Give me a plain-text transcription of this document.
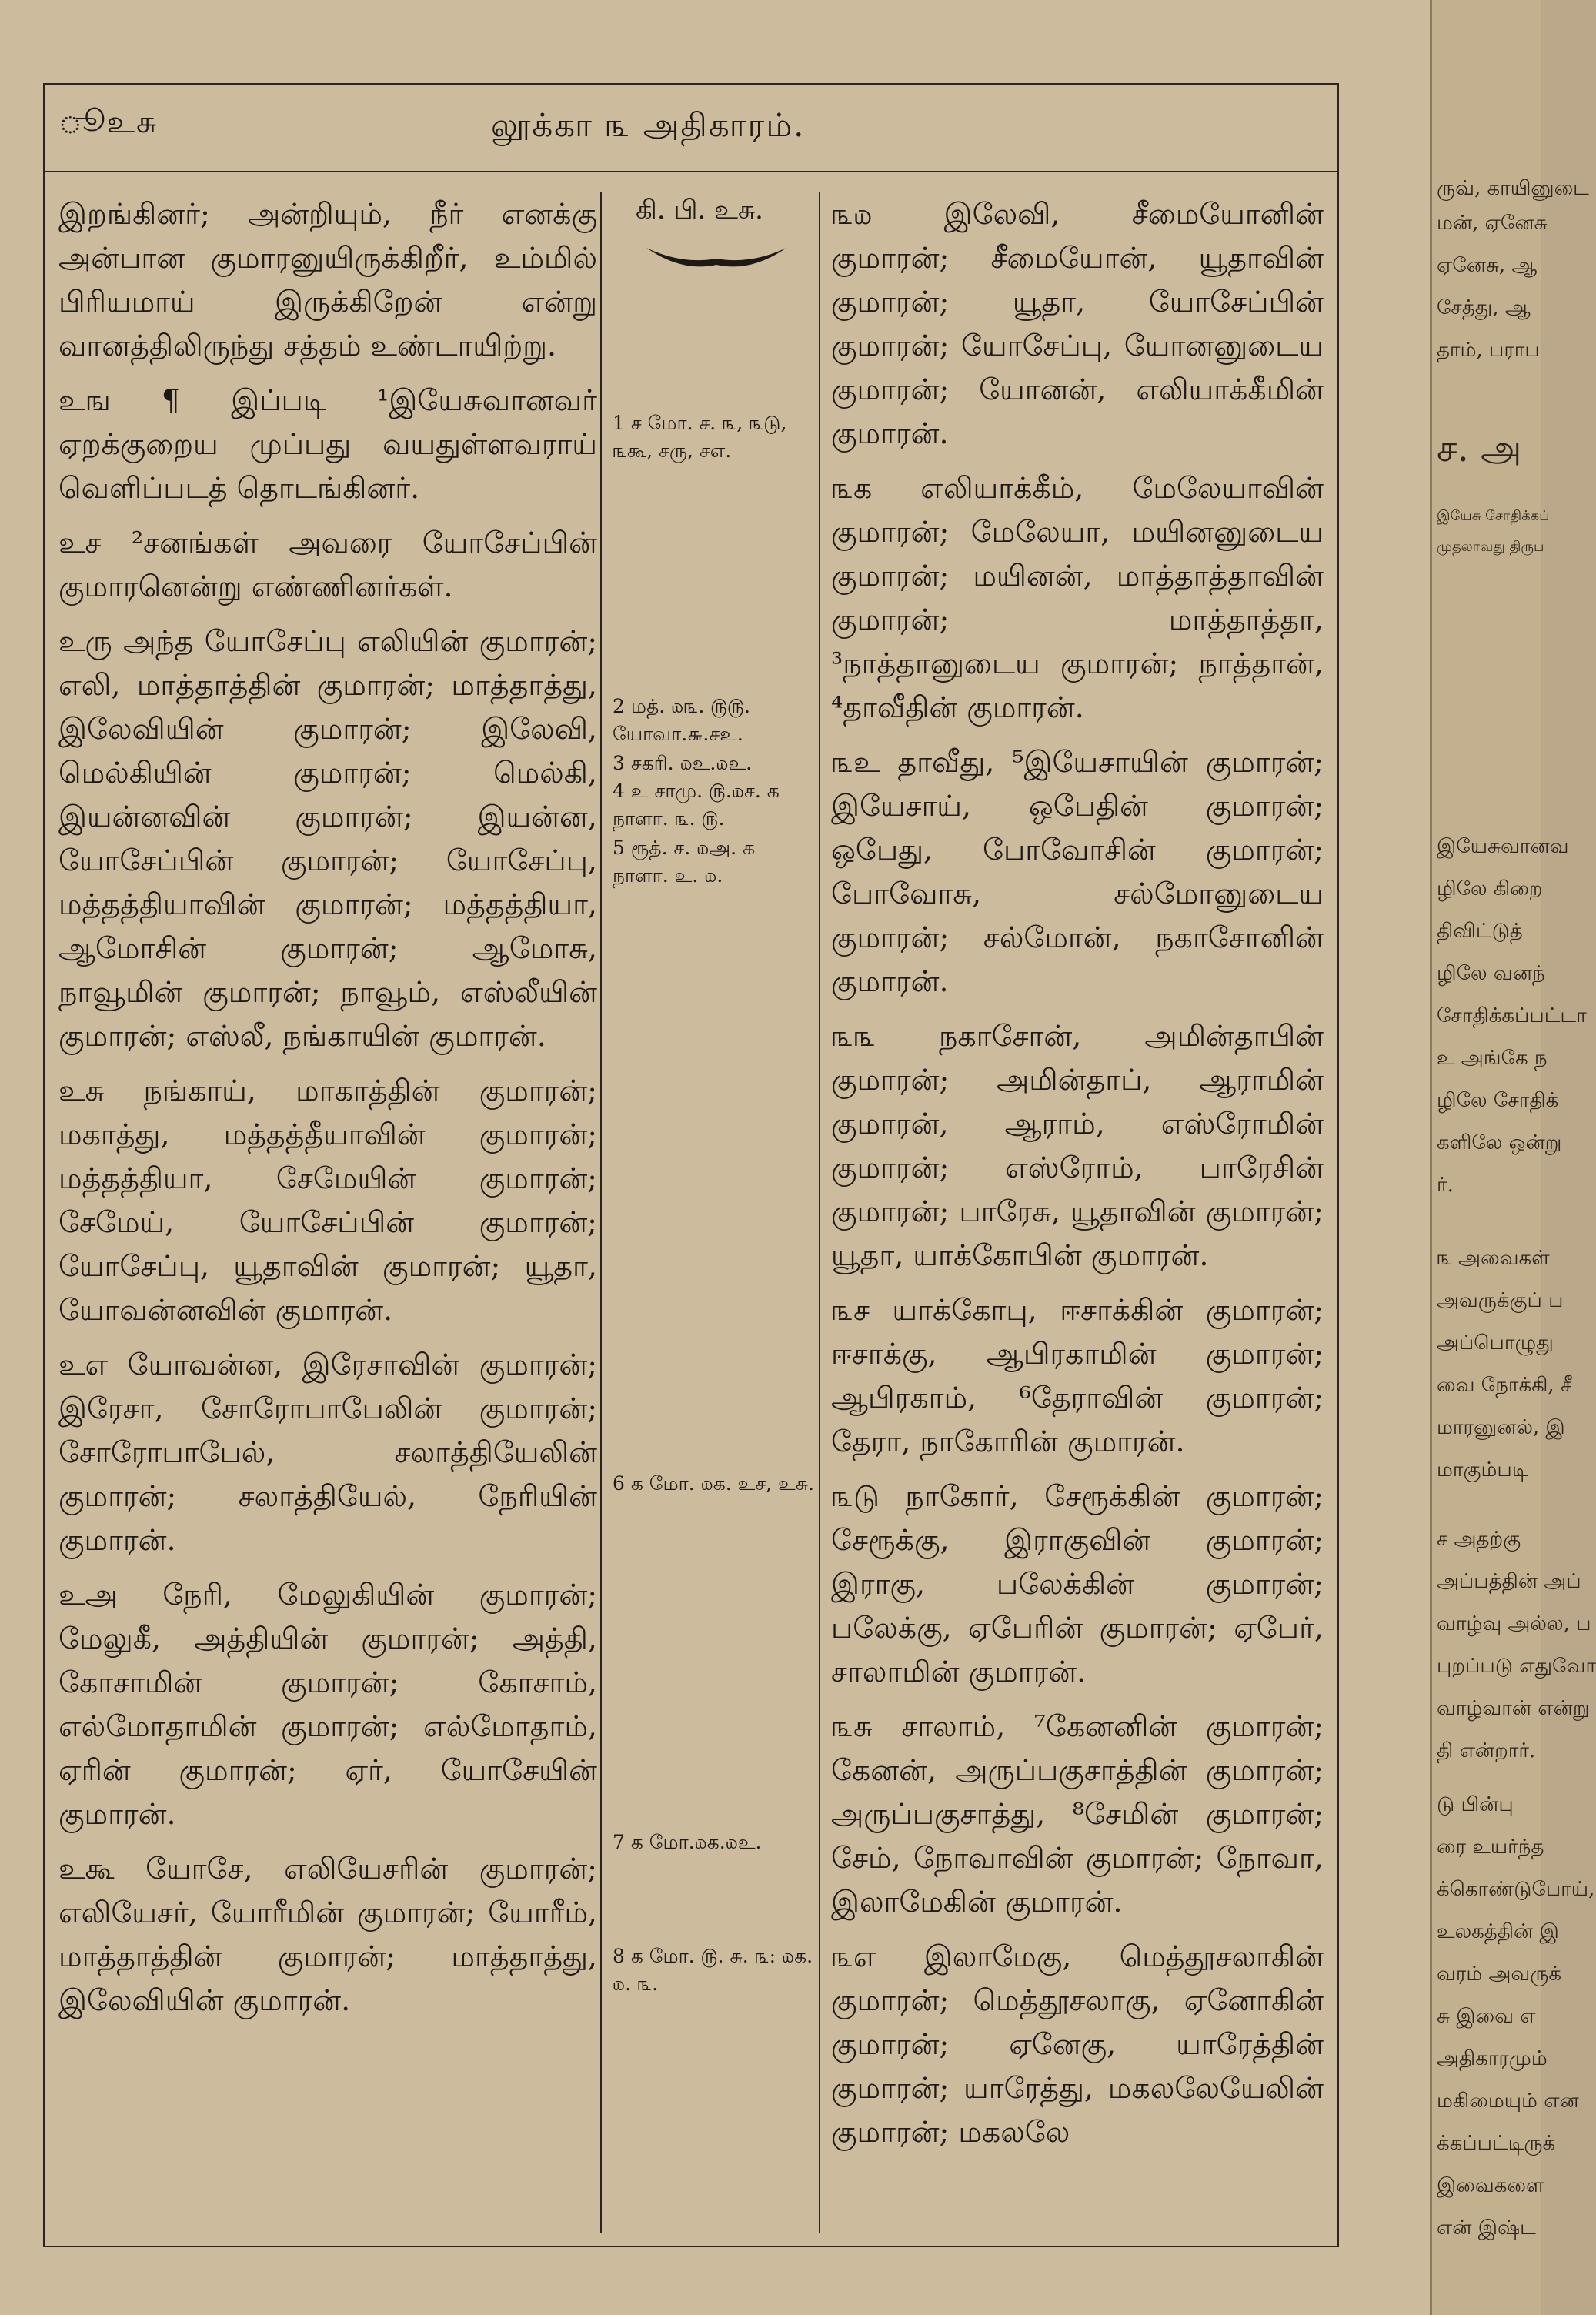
ூஉசு	லூக்கா ௩ அதிகாரம்.

இறங்கினர்; அன்றியும், நீர் எனக்கு அன்பான குமாரனுயிருக்கிறீர், உம்மில் பிரியமாய் இருக்கிறேன் என்று வானத்திலிருந்து சத்தம் உண்டாயிற்று.

உங ¶ இப்படி ¹இயேசுவானவர் ஏறக்குறைய முப்பது வயதுள்ளவராய் வெளிப்படத் தொடங்கினர்.

உச ²சனங்கள் அவரை யோசேப்பின் குமாரனென்று எண்ணினர்கள்.

உரு அந்த யோசேப்பு எலியின் குமாரன்; எலி, மாத்தாத்தின் குமாரன்; மாத்தாத்து, இலேவியின் குமாரன்; இலேவி, மெல்கியின் குமாரன்; மெல்கி, இயன்னவின் குமாரன்; இயன்ன, யோசேப்பின் குமாரன்; யோசேப்பு, மத்தத்தியாவின் குமாரன்; மத்தத்தியா, ஆமோசின் குமாரன்; ஆமோசு, நாவூமின் குமாரன்; நாவூம், எஸ்லீயின் குமாரன்; எஸ்லீ, நங்காயின் குமாரன்.

உசு நங்காய், மாகாத்தின் குமாரன்; மகாத்து, மத்தத்தீயாவின் குமாரன்; மத்தத்தியா, சேமேயின் குமாரன்; சேமேய், யோசேப்பின் குமாரன்; யோசேப்பு, யூதாவின் குமாரன்; யூதா, யோவன்னவின் குமாரன்.

உஎ யோவன்ன, இரேசாவின் குமாரன்; இரேசா, சோரோபாபேலின் குமாரன்; சோரோபாபேல், சலாத்தியேலின் குமாரன்; சலாத்தியேல், நேரியின் குமாரன்.

உஅ நேரி, மேலுகியின் குமாரன்; மேலுகீ, அத்தியின் குமாரன்; அத்தி, கோசாமின் குமாரன்; கோசாம், எல்மோதாமின் குமாரன்; எல்மோதாம், ஏரின் குமாரன்; ஏர், யோசேயின் குமாரன்.

உகூ யோசே, எலியேசரின் குமாரன்; எலியேசர், யோரீமின் குமாரன்; யோரீம், மாத்தாத்தின் குமாரன்; மாத்தாத்து, இலேவியின் குமாரன்.

கி. பி. உசு.
1 ச மோ. ச. ௩, ௩டு, ௩கூ, சரு, சஎ.
2 மத். ௰௩. ௫௫. யோவா.௬.சஉ.
3 சகரி. ௰உ.௰உ.
4 உ சாமு. ௫.௰ச. க நாளா. ௩. ௫.
5 ரூத். ச. ௰அ. க நாளா. உ. ௰.
6 க மோ. ௰க. உச, உசு.
7 க மோ.௰க.௰உ.
8 க மோ. ௫. சு. ௩: ௰க. ௰. ௩.

௩௰ இலேவி, சீமையோனின் குமாரன்; சீமையோன், யூதாவின் குமாரன்; யூதா, யோசேப்பின் குமாரன்; யோசேப்பு, யோனனுடைய குமாரன்; யோனன், எலியாக்கீமின் குமாரன்.

௩க எலியாக்கீம், மேலேயாவின் குமாரன்; மேலேயா, மயினனுடைய குமாரன்; மயினன், மாத்தாத்தாவின் குமாரன்; மாத்தாத்தா, ³நாத்தானுடைய குமாரன்; நாத்தான், ⁴தாவீதின் குமாரன்.

௩உ தாவீது, ⁵இயேசாயின் குமாரன்; இயேசாய், ஒபேதின் குமாரன்; ஒபேது, போவோசின் குமாரன்; போவோசு, சல்மோனுடைய குமாரன்; சல்மோன், நகாசோனின் குமாரன்.

௩௩ நகாசோன், அமின்தாபின் குமாரன்; அமின்தாப், ஆராமின் குமாரன், ஆராம், எஸ்ரோமின் குமாரன்; எஸ்ரோம், பாரேசின் குமாரன்; பாரேசு, யூதாவின் குமாரன்; யூதா, யாக்கோபின் குமாரன்.

௩ச யாக்கோபு, ஈசாக்கின் குமாரன்; ஈசாக்கு, ஆபிரகாமின் குமாரன்; ஆபிரகாம், ⁶தேராவின் குமாரன்; தேரா, நாகோரின் குமாரன்.

௩டு நாகோர், சேரூக்கின் குமாரன்; சேரூக்கு, இராகுவின் குமாரன்; இராகு, பலேக்கின் குமாரன்; பலேக்கு, ஏபேரின் குமாரன்; ஏபேர், சாலாமின் குமாரன்.

௩சு சாலாம், ⁷கேனனின் குமாரன்; கேனன், அருப்பகுசாத்தின் குமாரன்; அருப்பகுசாத்து, ⁸சேமின் குமாரன்; சேம், நோவாவின் குமாரன்; நோவா, இலாமேகின் குமாரன்.

௩எ இலாமேகு, மெத்தூசலாகின் குமாரன்; மெத்தூசலாகு, ஏனோகின் குமாரன்; ஏனேகு, யாரேத்தின் குமாரன்; யாரேத்து, மகலலேயேலின் குமாரன்; மகலலே

ருவ், காயினுடை
மன், ஏனேசு
ஏனேசு, ஆ
சேத்து, ஆ
தாம், பராப
ச. அ
இயேசு சோதிக்கப்
முதலாவது திருப
இயேசுவானவ
ழிலே கிறை
திவிட்டுத்
ழிலே வனந்
சோதிக்கப்பட்டா
உ அங்கே ந
ழிலே சோதிக்
களிலே ஒன்று
ர்.
௩ அவைகள்
அவருக்குப் ப
அப்பொழுது
வை நோக்கி, சீ
மாரனுனல், இ
மாகும்படி
ச அதற்கு
அப்பத்தின் அப்
வாழ்வு அல்ல, ப
புறப்படு எதுவோ
வாழ்வான் என்று
தி என்றார்.
டு பின்பு
ரை உயர்ந்த
க்கொண்டுபோய்,
உலகத்தின் இ
வரம் அவருக்
சு இவை எ
அதிகாரமும்
மகிமையும் என
க்கப்பட்டிருக்
இவைகளை
என் இஷ்ட
